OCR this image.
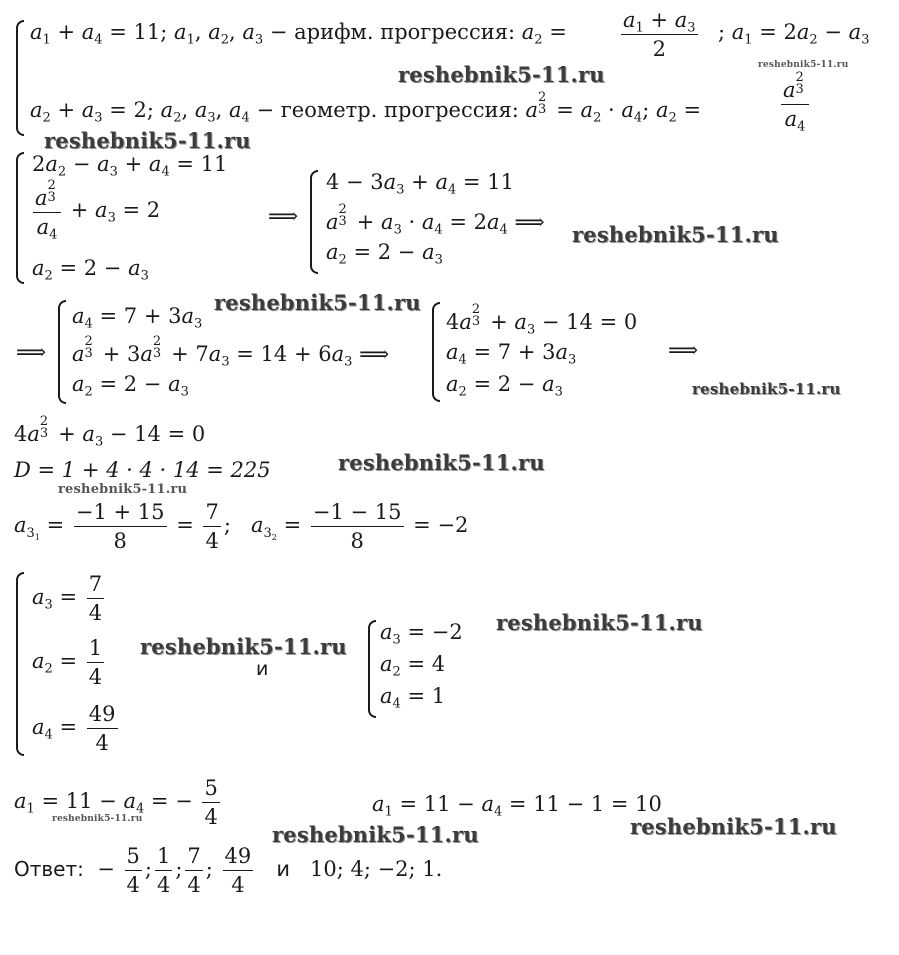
$a_1 + a_4 = 11$; $a_1$, $a_2$, $a_3$ − арифм. прогрессия: $a_2$ =	$\frac{a_1 + a_3}{2}$ ; $a_1 = 2a_2 - a_3$
$a_2 + a_3 = 2$; $a_2$, $a_3$, $a_4$ − геометр. прогрессия: a
2
$3 = a_2 \cdot a_4$; $a_2$ =	a
2
3
$a_4$
$2a_2 - a_3 + a_4 = 11$
a
2
3
$a_4 + a_3 = 2$
$a_2 = 2 - a_3$
⟹
$4 - 3a_3 + a_4 = 11$
a
2
$3 + a_3 \cdot a_4 = 2a_4$ ⟹
$a_2 = 2 - a_3$
⟹
$a_4 = 7 + 3a_3$
a
2
3 + 3a
2
$3 + 7a_3 = 14 + 6a_3$ ⟹
$a_2 = 2 - a_3$
4a
2
$3 + a_3 - 14 = 0$
$a_4 = 7 + 3a_3$
$a_2 = 2 - a_3$
⟹
4a
2
$3 + a_3 - 14 = 0$
D = 1 + 4 · 4 · 14 = 225
$a_{3_1} = \frac{-1 + 15}{8} = \frac{7}{4}$ ;   $a_{3_2} = \frac{-1 - 15}{8} = -2$
$a_3 = \frac{7}{4}$
$a_2 = \frac{1}{4}$
$a_4 = \frac{49}{4}$
и
$a_3 = -2$
$a_2 = 4$
$a_4 = 1$
$a_1 = 11 - a_4$ = − $\frac{5}{4}$	$a_1 = 11 - a_4 = 11 - 1 = 10$
Ответ:  − $\frac{5}{4}$ ; $\frac{1}{4}$ ; $\frac{7}{4}$ ; $\frac{49}{4}$ и 10; 4; −2; 1.
reshebnik5-11.ru	reshebnik5-11.ru
reshebnik5-11.ru
reshebnik5-11.ru
reshebnik5-11.ru
reshebnik5-11.ru
reshebnik5-11.ru
reshebnik5-11.ru
reshebnik5-11.ru
reshebnik5-11.ru
reshebnik5-11.ru
reshebnik5-11.ru	reshebnik5-11.ru
